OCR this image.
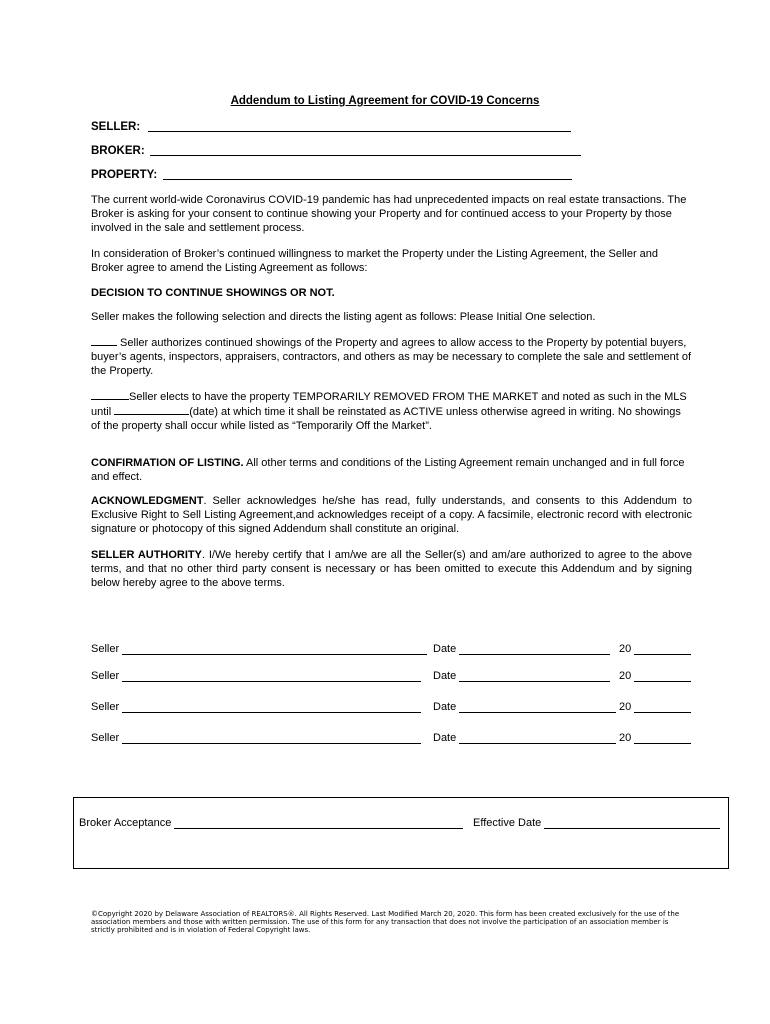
Addendum to Listing Agreement for COVID-19 Concerns
SELLER:
BROKER:
PROPERTY:
The current world-wide Coronavirus COVID-19 pandemic has had unprecedented impacts on real estate transactions. The Broker is asking for your consent to continue showing your Property and for continued access to your Property by those involved in the sale and settlement process.
In consideration of Broker’s continued willingness to market the Property under the Listing Agreement, the Seller and Broker agree to amend the Listing Agreement as follows:
DECISION TO CONTINUE SHOWINGS OR NOT.
Seller makes the following selection and directs the listing agent as follows: Please Initial One selection.
Seller authorizes continued showings of the Property and agrees to allow access to the Property by potential buyers, buyer’s agents, inspectors, appraisers, contractors, and others as may be necessary to complete the sale and settlement of the Property.
Seller elects to have the property TEMPORARILY REMOVED FROM THE MARKET and noted as such in the MLS until	(date) at which time it shall be reinstated as ACTIVE unless otherwise agreed in writing. No showings of the property shall occur while listed as “Temporarily Off the Market”.
CONFIRMATION OF LISTING. All other terms and conditions of the Listing Agreement remain unchanged and in full force and effect.
ACKNOWLEDGMENT. Seller acknowledges he/she has read, fully understands, and consents to this Addendum to Exclusive Right to Sell Listing Agreement,and acknowledges receipt of a copy. A facsimile, electronic record with electronic signature or photocopy of this signed Addendum shall constitute an original.
SELLER AUTHORITY. I/We hereby certify that I am/we are all the Seller(s) and am/are authorized to agree to the above terms, and that no other third party consent is necessary or has been omitted to execute this Addendum and by signing below hereby agree to the above terms.
Seller	Date	20
Seller	Date	20
Seller	Date	20
Seller	Date	20
Broker Acceptance	Effective Date
©Copyright 2020 by Delaware Association of REALTORS®. All Rights Reserved. Last Modified March 20, 2020. This form has been created exclusively for the use of the association members and those with written permission. The use of this form for any transaction that does not involve the participation of an association member is strictly prohibited and is in violation of Federal Copyright laws.
